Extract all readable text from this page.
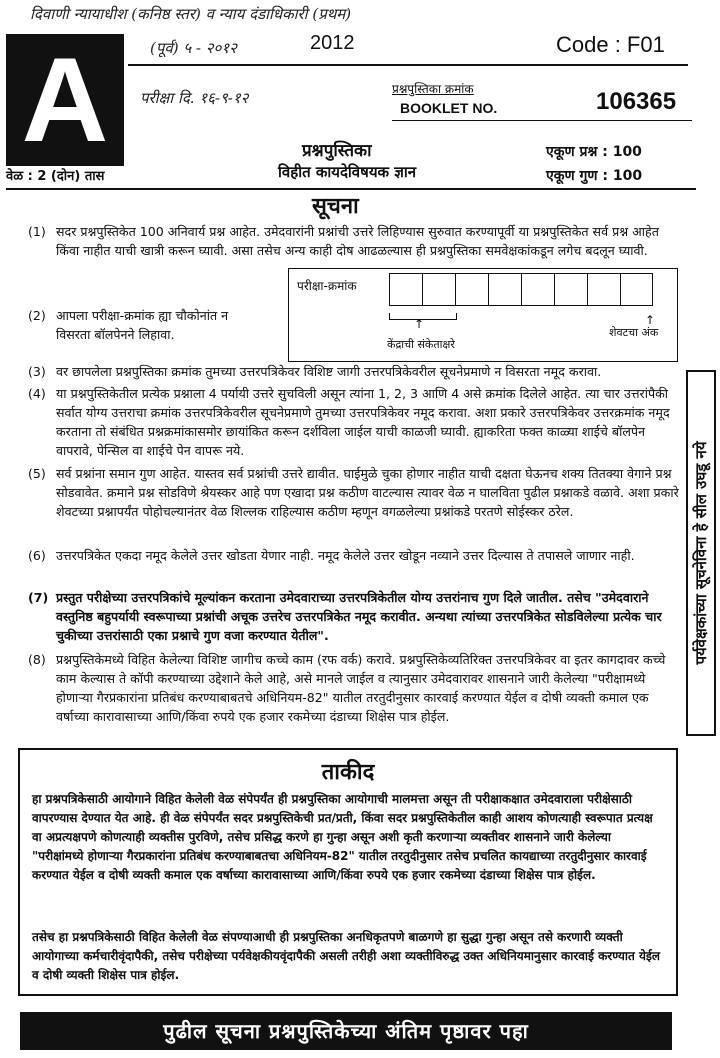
दिवाणी न्यायाधीश (कनिष्ठ स्तर) व न्याय दंडाधिकारी (प्रथम)
(पूर्व) ५ - २०१२	2012	Code : F01
A	परीक्षा दि. १६-९-१२	प्रश्नपुस्तिका क्रमांक
BOOKLET NO.	106365
प्रश्नपुस्तिका	एकूण प्रश्न : 100
विहीत कायदेविषयक ज्ञान
वेळ : 2 (दोन) तास	एकूण गुण : 100
सूचना
(1) सदर प्रश्नपुस्तिकेत 100 अनिवार्य प्रश्न आहेत. उमेदवारांनी प्रश्नांची उत्तरे लिहिण्यास सुरुवात करण्यापूर्वी या प्रश्नपुस्तिकेत सर्व प्रश्न आहेत किंवा नाहीत याची खात्री करून घ्यावी. असा तसेच अन्य काही दोष आढळल्यास ही प्रश्नपुस्तिका समवेक्षकांकडून लगेच बदलून घ्यावी.
(2) आपला परीक्षा-क्रमांक ह्या चौकोनांत न विसरता बॉलपेनने लिहावा.
परीक्षा-क्रमांक
↑	↑
केंद्राची संकेताक्षरे
शेवटचा अंक
(3) वर छापलेला प्रश्नपुस्तिका क्रमांक तुमच्या उत्तरपत्रिकेवर विशिष्ट जागी उत्तरपत्रिकेवरील सूचनेप्रमाणे न विसरता नमूद करावा.
(4) या प्रश्नपुस्तिकेतील प्रत्येक प्रश्नाला 4 पर्यायी उत्तरे सुचविली असून त्यांना 1, 2, 3 आणि 4 असे क्रमांक दिलेले आहेत. त्या चार उत्तरांपैकी सर्वात योग्य उत्तराचा क्रमांक उत्तरपत्रिकेवरील सूचनेप्रमाणे तुमच्या उत्तरपत्रिकेवर नमूद करावा. अशा प्रकारे उत्तरपत्रिकेवर उत्तरक्रमांक नमूद करताना तो संबंधित प्रश्नक्रमांकासमोर छायांकित करून दर्शविला जाईल याची काळजी घ्यावी. ह्याकरिता फक्त काळ्या शाईचे बॉलपेन वापरावे, पेन्सिल वा शाईचे पेन वापरू नये.
(5) सर्व प्रश्नांना समान गुण आहेत. यास्तव सर्व प्रश्नांची उत्तरे द्यावीत. घाईमुळे चुका होणार नाहीत याची दक्षता घेऊनच शक्य तितक्या वेगाने प्रश्न सोडवावेत. क्रमाने प्रश्न सोडविणे श्रेयस्कर आहे पण एखादा प्रश्न कठीण वाटल्यास त्यावर वेळ न घालविता पुढील प्रश्नाकडे वळावे. अशा प्रकारे शेवटच्या प्रश्नापर्यंत पोहोचल्यानंतर वेळ शिल्लक राहिल्यास कठीण म्हणून वगळलेल्या प्रश्नांकडे परतणे सोईस्कर ठरेल.
(6) उत्तरपत्रिकेत एकदा नमूद केलेले उत्तर खोडता येणार नाही. नमूद केलेले उत्तर खोडून नव्याने उत्तर दिल्यास ते तपासले जाणार नाही.
(7) प्रस्तुत परीक्षेच्या उत्तरपत्रिकांचे मूल्यांकन करताना उमेदवाराच्या उत्तरपत्रिकेतील योग्य उत्तरांनाच गुण दिले जातील. तसेच "उमेदवाराने वस्तुनिष्ठ बहुपर्यायी स्वरूपाच्या प्रश्नांची अचूक उत्तरेच उत्तरपत्रिकेत नमूद करावीत. अन्यथा त्यांच्या उत्तरपत्रिकेत सोडविलेल्या प्रत्येक चार चुकीच्या उत्तरांसाठी एका प्रश्नाचे गुण वजा करण्यात येतील".
(8) प्रश्नपुस्तिकेमध्ये विहित केलेल्या विशिष्ट जागीच कच्चे काम (रफ वर्क) करावे. प्रश्नपुस्तिकेव्यतिरिक्त उत्तरपत्रिकेवर वा इतर कागदावर कच्चे काम केल्यास ते कॉपी करण्याच्या उद्देशाने केले आहे, असे मानले जाईल व त्यानुसार उमेदवारावर शासनाने जारी केलेल्या "परीक्षामध्ये होणाऱ्या गैरप्रकारांना प्रतिबंध करण्याबाबतचे अधिनियम-82" यातील तरतुदीनुसार कारवाई करण्यात येईल व दोषी व्यक्ती कमाल एक वर्षाच्या कारावासाच्या आणि/किंवा रुपये एक हजार रकमेच्या दंडाच्या शिक्षेस पात्र होईल.
पर्यवेक्षकांच्या सूचनेविना हे सील उघडू नये
ताकीद
हा प्रश्नपत्रिकेसाठी आयोगाने विहित केलेली वेळ संपेपर्यंत ही प्रश्नपुस्तिका आयोगाची मालमत्ता असून ती परीक्षाकक्षात उमेदवाराला परीक्षेसाठी वापरण्यास देण्यात येत आहे. ही वेळ संपेपर्यंत सदर प्रश्नपुस्तिकेची प्रत/प्रती, किंवा सदर प्रश्नपुस्तिकेतील काही आशय कोणत्याही स्वरूपात प्रत्यक्ष वा अप्रत्यक्षपणे कोणत्याही व्यक्तीस पुरविणे, तसेच प्रसिद्ध करणे हा गुन्हा असून अशी कृती करणाऱ्या व्यक्तीवर शासनाने जारी केलेल्या "परीक्षांमध्ये होणाऱ्या गैरप्रकारांना प्रतिबंध करण्याबाबतचा अधिनियम-82" यातील तरतुदीनुसार तसेच प्रचलित कायद्याच्या तरतुदीनुसार कारवाई करण्यात येईल व दोषी व्यक्ती कमाल एक वर्षाच्या कारावासाच्या आणि/किंवा रुपये एक हजार रकमेच्या दंडाच्या शिक्षेस पात्र होईल.
तसेच हा प्रश्नपत्रिकेसाठी विहित केलेली वेळ संपण्याआधी ही प्रश्नपुस्तिका अनधिकृतपणे बाळगणे हा सुद्धा गुन्हा असून तसे करणारी व्यक्ती आयोगाच्या कर्मचारीवृंदापैकी, तसेच परीक्षेच्या पर्यवेक्षकीयवृंदापैकी असली तरीही अशा व्यक्तीविरुद्ध उक्त अधिनियमानुसार कारवाई करण्यात येईल व दोषी व्यक्ती शिक्षेस पात्र होईल.
पुढील सूचना प्रश्नपुस्तिकेच्या अंतिम पृष्ठावर पहा
